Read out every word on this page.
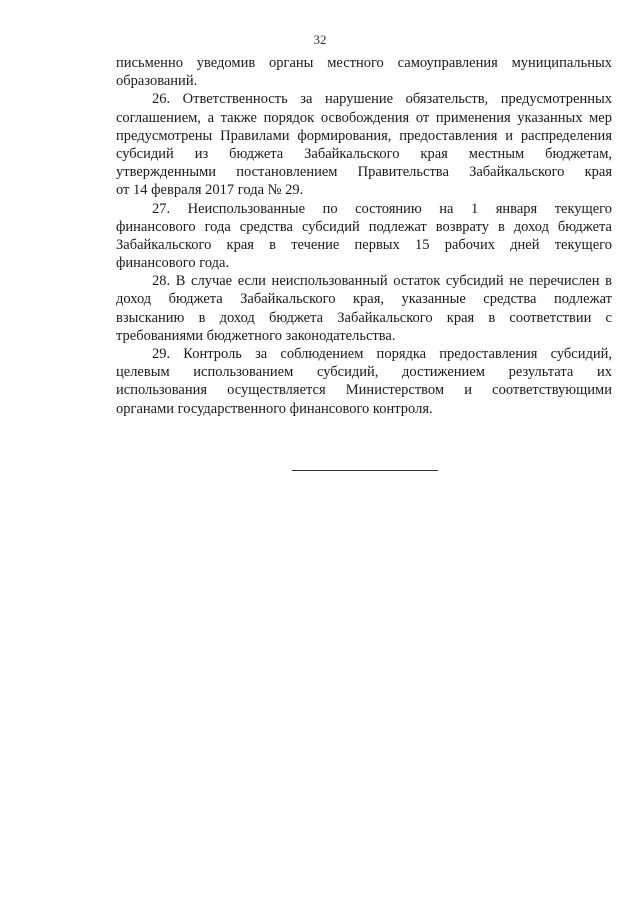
32
письменно уведомив органы местного самоуправления муниципальных
образований.
26. Ответственность за нарушение обязательств, предусмотренных
соглашением, а также порядок освобождения от применения указанных мер
предусмотрены Правилами формирования, предоставления и распределения
субсидий из бюджета Забайкальского края местным бюджетам,
утвержденными постановлением Правительства Забайкальского края
от 14 февраля 2017 года № 29.
27. Неиспользованные по состоянию на 1 января текущего
финансового года средства субсидий подлежат возврату в доход бюджета
Забайкальского края в течение первых 15 рабочих дней текущего
финансового года.
28. В случае если неиспользованный остаток субсидий не перечислен в
доход бюджета Забайкальского края, указанные средства подлежат
взысканию в доход бюджета Забайкальского края в соответствии с
требованиями бюджетного законодательства.
29. Контроль за соблюдением порядка предоставления субсидий,
целевым использованием субсидий, достижением результата их
использования осуществляется Министерством и соответствующими
органами государственного финансового контроля.
